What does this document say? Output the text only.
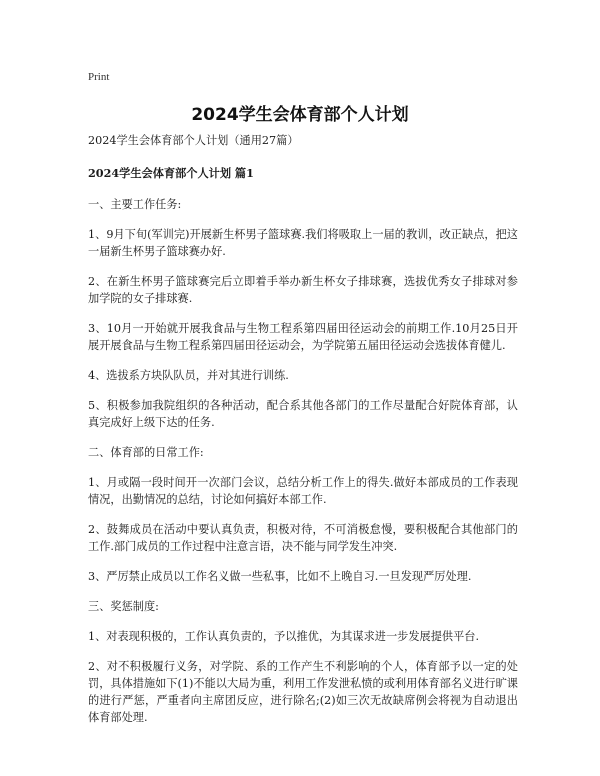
Print
2024学生会体育部个人计划

2024学生会体育部个人计划（通用27篇）

2024学生会体育部个人计划 篇1

一、主要工作任务:

1、9月下旬(军训完)开展新生杯男子篮球赛.我们将吸取上一届的教训，改正缺点，把这一届新生杯男子篮球赛办好.

2、在新生杯男子篮球赛完后立即着手举办新生杯女子排球赛，选拔优秀女子排球对参加学院的女子排球赛.

3、10月一开始就开展我食品与生物工程系第四届田径运动会的前期工作.10月25日开展开展食品与生物工程系第四届田径运动会，为学院第五届田径运动会选拔体育健儿.

4、选拔系方块队队员，并对其进行训练.

5、积极参加我院组织的各种活动，配合系其他各部门的工作尽量配合好院体育部，认真完成好上级下达的任务.

二、体育部的日常工作:

1、月或隔一段时间开一次部门会议，总结分析工作上的得失.做好本部成员的工作表现情况，出勤情况的总结，讨论如何搞好本部工作.

2、鼓舞成员在活动中要认真负责，积极对待，不可消极怠慢，要积极配合其他部门的工作.部门成员的工作过程中注意言语，决不能与同学发生冲突.

3、严厉禁止成员以工作名义做一些私事，比如不上晚自习.一旦发现严厉处理.

三、奖惩制度:

1、对表现积极的，工作认真负责的，予以推优，为其谋求进一步发展提供平台.

2、对不积极履行义务，对学院、系的工作产生不利影响的个人，体育部予以一定的处罚，具体措施如下(1)不能以大局为重，利用工作发泄私愤的或利用体育部名义进行旷课的进行严惩，严重者向主席团反应，进行除名;(2)如三次无故缺席例会将视为自动退出体育部处理.
